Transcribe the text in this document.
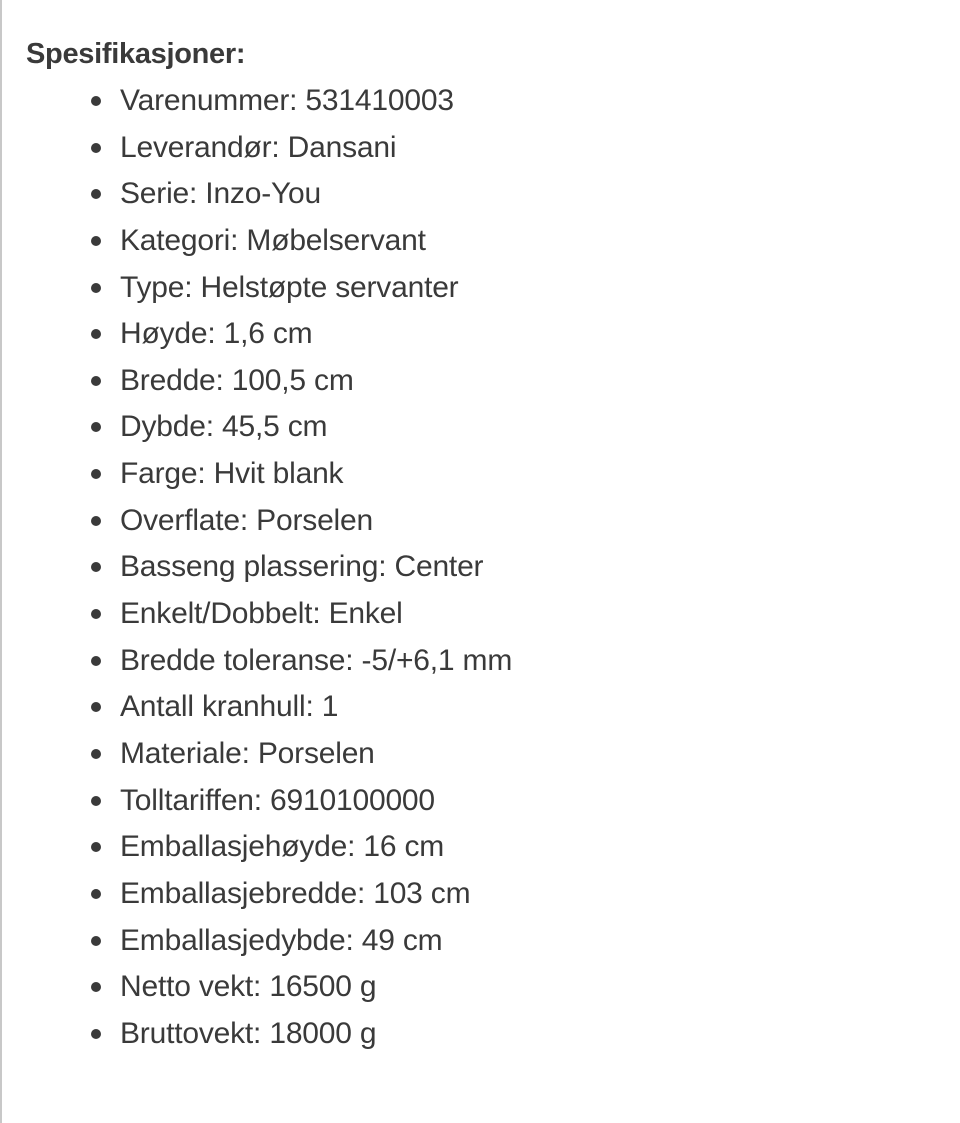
Spesifikasjoner:
Varenummer: 531410003
Leverandør: Dansani
Serie: Inzo-You
Kategori: Møbelservant
Type: Helstøpte servanter
Høyde: 1,6 cm
Bredde: 100,5 cm
Dybde: 45,5 cm
Farge: Hvit blank
Overflate: Porselen
Basseng plassering: Center
Enkelt/Dobbelt: Enkel
Bredde toleranse: -5/+6,1 mm
Antall kranhull: 1
Materiale: Porselen
Tolltariffen: 6910100000
Emballasjehøyde: 16 cm
Emballasjebredde: 103 cm
Emballasjedybde: 49 cm
Netto vekt: 16500 g
Bruttovekt: 18000 g
